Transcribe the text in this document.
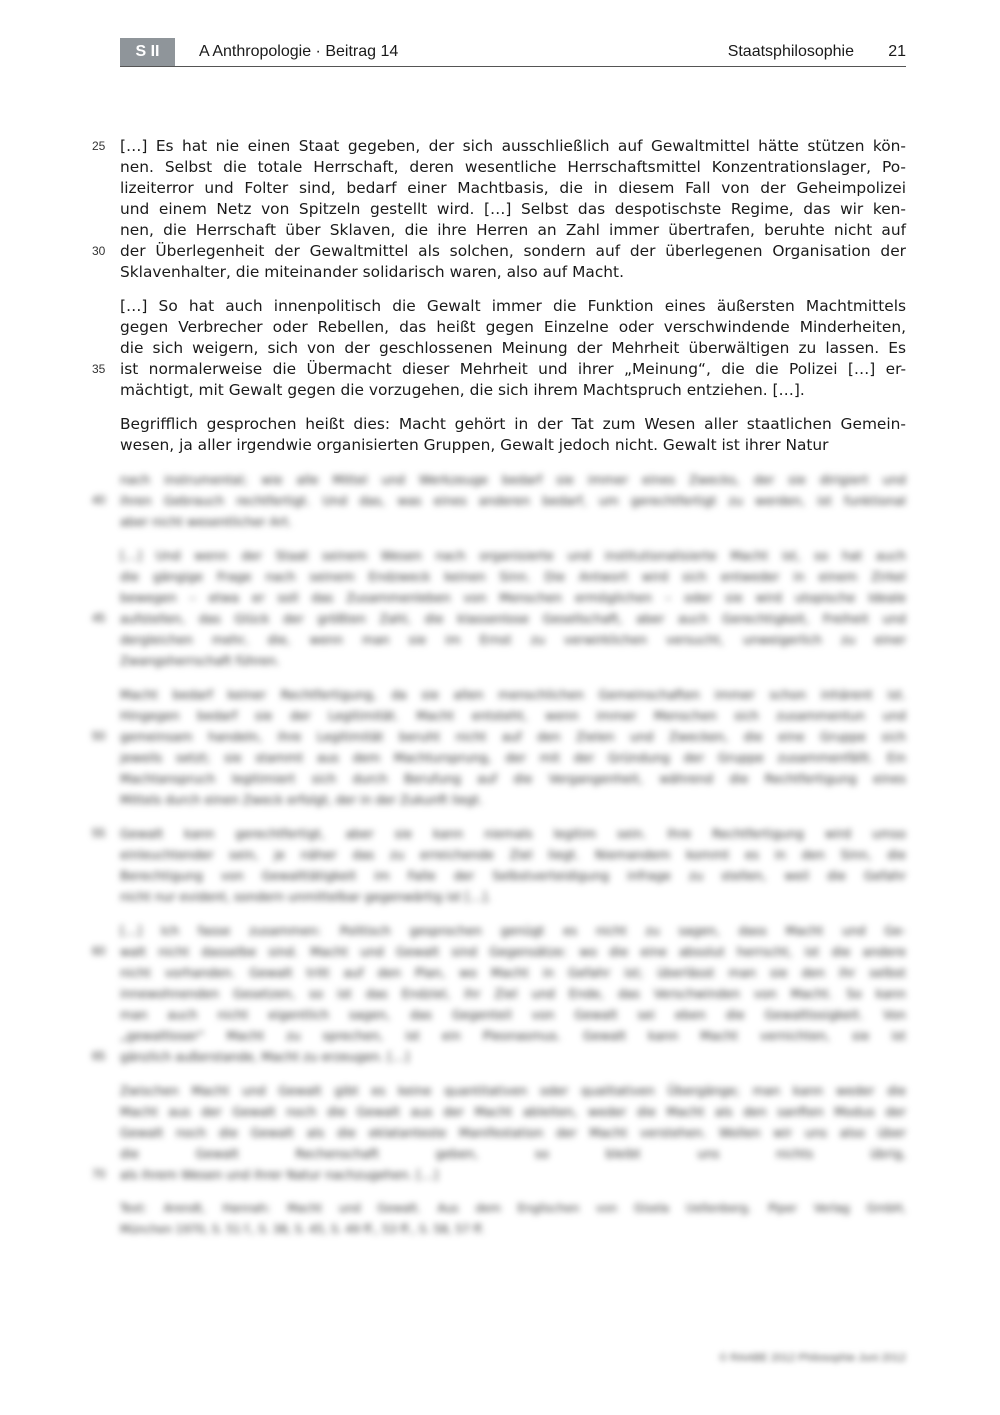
S II	A Anthropologie · Beitrag 14	Staatsphilosophie 21
25 […] Es hat nie einen Staat gegeben, der sich ausschließlich auf Gewaltmittel hätte stützen kön-
nen. Selbst die totale Herrschaft, deren wesentliche Herrschaftsmittel Konzentrationslager, Po-
lizeiterror und Folter sind, bedarf einer Machtbasis, die in diesem Fall von der Geheimpolizei
und einem Netz von Spitzeln gestellt wird. […] Selbst das despotischste Regime, das wir ken-
nen, die Herrschaft über Sklaven, die ihre Herren an Zahl immer übertrafen, beruhte nicht auf
30 der Überlegenheit der Gewaltmittel als solchen, sondern auf der überlegenen Organisation der
Sklavenhalter, die miteinander solidarisch waren, also auf Macht.
[…] So hat auch innenpolitisch die Gewalt immer die Funktion eines äußersten Machtmittels
gegen Verbrecher oder Rebellen, das heißt gegen Einzelne oder verschwindende Minderheiten,
die sich weigern, sich von der geschlossenen Meinung der Mehrheit überwältigen zu lassen. Es
35 ist normalerweise die Übermacht dieser Mehrheit und ihrer „Meinung“, die die Polizei […] er-
mächtigt, mit Gewalt gegen die vorzugehen, die sich ihrem Machtspruch entziehen. […].
Begrifflich gesprochen heißt dies: Macht gehört in der Tat zum Wesen aller staatlichen Gemein-
wesen, ja aller irgendwie organisierten Gruppen, Gewalt jedoch nicht. Gewalt ist ihrer Natur
nach instrumental; wie alle Mittel und Werkzeuge bedarf sie immer eines Zwecks, der sie dirigiert und
40 ihren Gebrauch rechtfertigt. Und das, was eines anderen bedarf, um gerechtfertigt zu werden, ist funktional
aber nicht wesentlicher Art.
[…] Und wenn der Staat seinem Wesen nach organisierte und institutionalisierte Macht ist, so hat auch
die gängige Frage nach seinem Endzweck keinen Sinn. Die Antwort wird sich entweder in einem Zirkel
bewegen – etwa er soll das Zusammenleben von Menschen ermöglichen – oder sie wird utopische Ideale
45 aufstellen, das Glück der größten Zahl, die klassenlose Gesellschaft, aber auch Gerechtigkeit, Freiheit und
dergleichen mehr, die, wenn man sie im Ernst zu verwirklichen versucht, unweigerlich zu einer
Zwangsherrschaft führen.
Macht bedarf keiner Rechtfertigung, da sie allen menschlichen Gemeinschaften immer schon inhärent ist.
Hingegen bedarf sie der Legitimität. Macht entsteht, wenn immer Menschen sich zusammentun und
50 gemeinsam handeln, ihre Legitimität beruht nicht auf den Zielen und Zwecken, die eine Gruppe sich
jeweils setzt; sie stammt aus dem Machtursprung, der mit der Gründung der Gruppe zusammenfällt. Ein
Machtanspruch legitimiert sich durch Berufung auf die Vergangenheit, während die Rechtfertigung eines
Mittels durch einen Zweck erfolgt, der in der Zukunft liegt.
55 Gewalt kann gerechtfertigt, aber sie kann niemals legitim sein. Ihre Rechtfertigung wird umso
einleuchtender sein, je näher das zu erreichende Ziel liegt. Niemandem kommt es in den Sinn, die
Berechtigung von Gewalttätigkeit im Falle der Selbstverteidigung infrage zu stellen, weil die Gefahr
nicht nur evident, sondern unmittelbar gegenwärtig ist […].
[…] Ich fasse zusammen: Politisch gesprochen genügt es nicht zu sagen, dass Macht und Ge-
60 walt nicht dasselbe sind. Macht und Gewalt sind Gegensätze: wo die eine absolut herrscht, ist die andere
nicht vorhanden. Gewalt tritt auf den Plan, wo Macht in Gefahr ist; überlässt man sie den ihr selbst
innewohnenden Gesetzen, so ist das Endziel, ihr Ziel und Ende, das Verschwinden von Macht. So kann
man auch nicht eigentlich sagen, das Gegenteil von Gewalt sei eben die Gewaltlosigkeit. Von
„gewaltloser“ Macht zu sprechen, ist ein Pleonasmus. Gewalt kann Macht vernichten, sie ist
65 gänzlich außerstande, Macht zu erzeugen. […]
Zwischen Macht und Gewalt gibt es keine quantitativen oder qualitativen Übergänge; man kann weder die
Macht aus der Gewalt noch die Gewalt aus der Macht ableiten, weder die Macht als den sanften Modus der
Gewalt noch die Gewalt als die eklatanteste Manifestation der Macht verstehen. Wollen wir uns also über
die Gewalt Rechenschaft geben, so bleibt uns nichts übrig,
70 als ihrem Wesen und ihrer Natur nachzugehen. […]
Text: Arendt, Hannah: Macht und Gewalt. Aus dem Englischen von Gisela Uellenberg. Piper Verlag GmbH,
München 1970, S. 51 f., S. 38, S. 45, S. 49 ff., 53 ff., S. 58, 57 ff.
© RAABE 2012 Philosophie Juni 2012
